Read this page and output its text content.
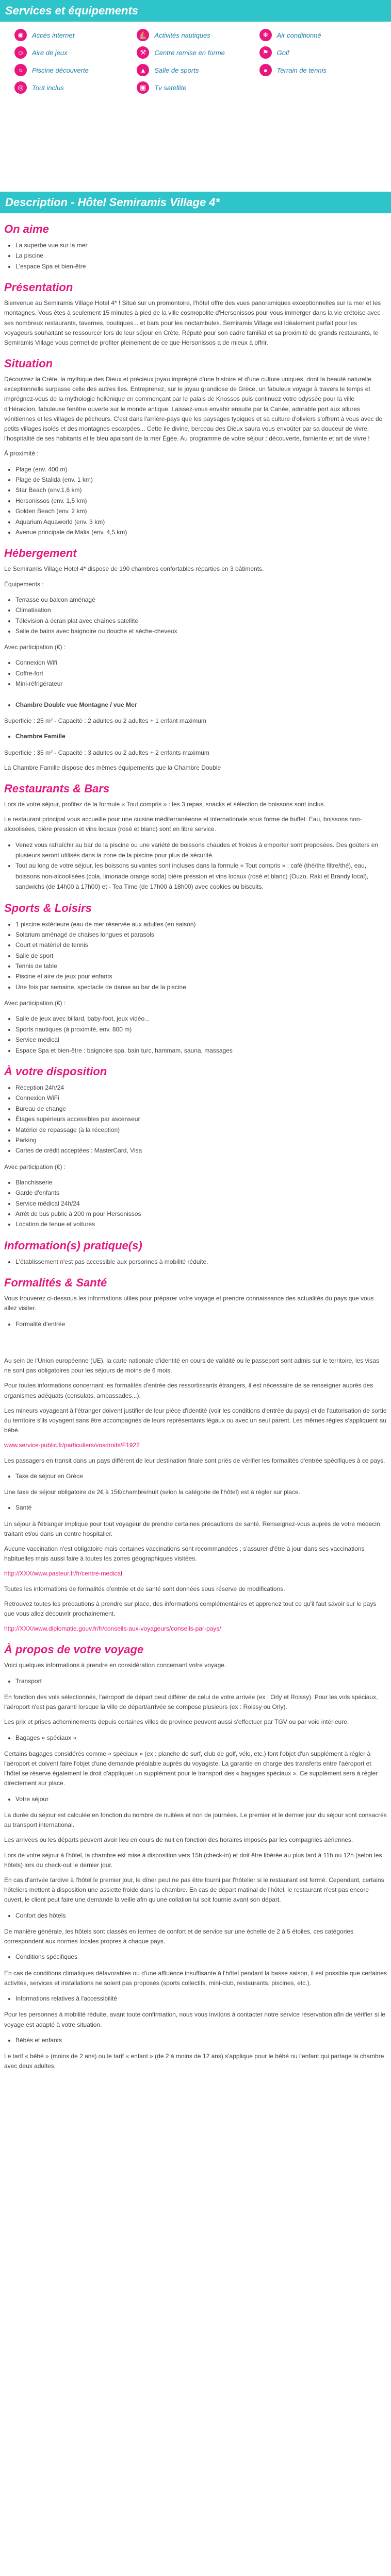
Services et équipements
◉	Accès internet	⛵	Activités nautiques	❄	Air conditionné
☺	Aire de jeux	⚒	Centre remise en forme	⚑	Golf
≈	Piscine découverte	▲	Salle de sports	●	Terrain de tennis
◎	Tout inclus	▣	Tv satellite
Description - Hôtel Semiramis Village 4*
On aime
• La superbe vue sur la mer
• La piscine
• L'espace Spa et bien-être
Présentation

Bienvenue au Semiramis Village Hotel 4* ! Situé sur un promontoire, l'hôtel offre des vues panoramiques exceptionnelles sur la mer et les montagnes. Vous êtes à seulement 15 minutes à pied de la ville cosmopolite d'Hersonissos pour vous immerger dans la vie crétoise avec ses nombreux restaurants, tavernes, boutiques... et bars pour les noctambules. Semiramis Village est idéalement parfait pour les voyageurs souhaitant se ressourcer lors de leur séjour en Crète. Réputé pour son cadre familial et sa proximité de grands restaurants, le Semiramis Village vous permet de profiter pleinement de ce que Hersonissos a de mieux à offrir.

Situation

Découvrez la Crète, la mythique des Dieux et précieux joyau imprégné d'une histoire et d'une culture uniques, dont la beauté naturelle exceptionnelle surpasse celle des autres îles. Entreprenez, sur le joyau grandiose de Grèce, un fabuleux voyage à travers le temps et imprégnez-vous de la mythologie hellénique en commençant par le palais de Knossos puis continuez votre odyssée pour la ville d'Héraklion, fabuleuse fenêtre ouverte sur le monde antique. Laissez-vous envahir ensuite par la Canée, adorable port aux allures vénitiennes et les villages de pêcheurs. C'est dans l'arrière-pays que les paysages typiques et sa culture d'oliviers s'offrent à vous avec de petits villages isolés et des montagnes escarpées... Cette île divine, berceau des Dieux saura vous envoûter par sa douceur de vivre, l'hospitalité de ses habitants et le bleu apaisant de la mer Égée. Au programme de votre séjour : découverte, farniente et art de vivre !

À proximité :

• Plage (env. 400 m)
• Plage de Stalida (env. 1 km)
• Star Beach (env.1,6 km)
• Hersonissos (env. 1,5 km)
• Golden Beach (env. 2 km)
• Aquarium Aquaworld (env. 3 km)
• Avenue principale de Malia (env. 4,5 km)
Hébergement

Le Semiramis Village Hotel 4* dispose de 190 chambres confortables réparties en 3 bâtiments.

Équipements :

• Terrasse ou balcon aménagé
• Climatisation
• Télévision à écran plat avec chaînes satellite
• Salle de bains avec baignoire ou douche et sèche-cheveux

Avec participation (€) :

• Connexion Wifi
• Coffre-fort
• Mini-réfrigérateur
• Chambre Double vue Montagne / vue Mer

Superficie : 25 m² - Capacité : 2 adultes ou 2 adultes + 1 enfant maximum

• Chambre Famille

Superficie : 35 m² - Capacité : 3 adultes ou 2 adultes + 2 enfants maximum

La Chambre Famille dispose des mêmes équipements que la Chambre Double

Restaurants & Bars

Lors de votre séjour, profitez de la formule « Tout compris » : les 3 repas, snacks et sélection de boissons sont inclus.

Le restaurant principal vous accueille pour une cuisine méditerranéenne et internationale sous forme de buffet. Eau, boissons non-alcoolisées, bière pression et vins locaux (rosé et blanc) sont en libre service.

• Venez vous rafraîchir au bar de la piscine ou une variété de boissons chaudes et froides à emporter sont proposées. Des goûters en plusieurs seront utilisés dans la zone de la piscine pour plus de sécurité.
• Tout au long de votre séjour, les boissons suivantes sont incluses dans la formule « Tout compris » : café (thé/the filtre/thé), eau, boissons non-alcoolisées (cola, limonade orange soda) bière pression et vins locaux (rosé et blanc) (Ouzo, Raki et Brandy local), sandwichs (de 14h00 à 17h00) et - Tea Time (de 17h00 à 18h00) avec cookies ou biscuits.
Sports & Loisirs
• 1 piscine extérieure (eau de mer réservée aux adultes (en saison)
• Solarium aménagé de chaises longues et parasols
• Court et matériel de tennis
• Salle de sport
• Tennis de table
• Piscine et aire de jeux pour enfants
• Une fois par semaine, spectacle de danse au bar de la piscine

Avec participation (€) :

• Salle de jeux avec billard, baby-foot, jeux vidéo...
• Sports nautiques (à proximité, env. 800 m)
• Service médical
• Espace Spa et bien-être : baignoire spa, bain turc, hammam, sauna, massages
À votre disposition
• Réception 24h/24
• Connexion WiFi
• Bureau de change
• Étages supérieurs accessibles par ascenseur
• Matériel de repassage (à la réception)
• Parking
• Cartes de crédit acceptées : MasterCard, Visa

Avec participation (€) :

• Blanchisserie
• Garde d'enfants
• Service médical 24h/24
• Arrêt de bus public à 200 m pour Hersonissos
• Location de tenue et voitures
Information(s) pratique(s)
• L'établissement n'est pas accessible aux personnes à mobilité réduite.
Formalités & Santé

Vous trouverez ci-dessous les informations utiles pour préparer votre voyage et prendre connaissance des actualités du pays que vous allez visiter.

• Formalité d'entrée

Au sein de l'Union européenne (UE), la carte nationale d'identité en cours de validité ou le passeport sont admis sur le territoire, les visas ne sont pas obligatoires pour les séjours de moins de 6 mois.

Pour toutes informations concernant les formalités d'entrée des ressortissants étrangers, il est nécessaire de se renseigner auprès des organismes adéquats (consulats, ambassades...).

Les mineurs voyageant à l'étranger doivent justifier de leur pièce d'identité (voir les conditions d'entrée du pays) et de l'autorisation de sortie du territoire s'ils voyagent sans être accompagnés de leurs représentants légaux ou avec un seul parent. Les mêmes règles s'appliquent au bébé.

www.service-public.fr/particuliers/vosdroits/F1922

Les passagers en transit dans un pays différent de leur destination finale sont priés de vérifier les formalités d'entrée spécifiques à ce pays.

• Taxe de séjour en Grèce

Une taxe de séjour obligatoire de 2€ à 15€/chambre/nuit (selon la catégorie de l'hôtel) est à régler sur place.

• Santé

Un séjour à l'étranger implique pour tout voyageur de prendre certaines précautions de santé. Renseignez-vous auprès de votre médecin traitant et/ou dans un centre hospitalier.

Aucune vaccination n'est obligatoire mais certaines vaccinations sont recommandées ; s'assurer d'être à jour dans ses vaccinations habituelles mais aussi faire à toutes les zones géographiques visitées.

http://XXX/www.pasteur.fr/fr/centre-medical

Toutes les informations de formalités d'entrée et de santé sont données sous réserve de modifications.

Retrouvez toutes les précautions à prendre sur place, des informations complémentaires et apprenez tout ce qu'il faut savoir sur le pays que vous allez découvrir prochainement.

http://XXX/www.diplomatie.gouv.fr/fr/conseils-aux-voyageurs/conseils-par-pays/

À propos de votre voyage

Voici quelques informations à prendre en considération concernant votre voyage.

• Transport

En fonction des vols sélectionnés, l'aéroport de départ peut différer de celui de votre arrivée (ex : Orly et Roissy). Pour les vols spéciaux, l'aéroport n'est pas garanti lorsque la ville de départ/arrivée se compose plusieurs (ex : Roissy ou Orly).

Les prix et prises acheminements depuis certaines villes de province peuvent aussi s'effectuer par TGV ou par voie intérieure.

• Bagages « spéciaux »

Certains bagages considérés comme « spéciaux » (ex : planche de surf, club de golf, vélo, etc.) font l'objet d'un supplément à régler à l'aéroport et doivent faire l'objet d'une demande préalable auprès du voyagiste. La garantie en charge des transferts entre l'aéroport et l'hôtel se réserve également le droit d'appliquer un supplément pour le transport des « bagages spéciaux ». Ce supplément sera à régler directement sur place.

• Votre séjour

La durée du séjour est calculée en fonction du nombre de nuitées et non de journées. Le premier et le dernier jour du séjour sont consacrés au transport international.

Les arrivées ou les départs peuvent avoir lieu en cours de nuit en fonction des horaires imposés par les compagnies aériennes.

Lors de votre séjour à l'hôtel, la chambre est mise à disposition vers 15h (check-in) et doit être libérée au plus tard à 11h ou 12h (selon les hôtels) lors du check-out le dernier jour.

En cas d'arrivée tardive à l'hôtel le premier jour, le dîner peut ne pas être fourni par l'hôtelier si le restaurant est fermé. Cependant, certains hôteliers mettent à disposition une assiette froide dans la chambre. En cas de départ matinal de l'hôtel, le restaurant n'est pas encore ouvert, le client peut faire une demande la veille afin qu'une collation lui soit fournie avant son départ.

• Confort des hôtels

De manière générale, les hôtels sont classés en termes de confort et de service sur une échelle de 2 à 5 étoiles, ces catégories correspondent aux normes locales propres à chaque pays.

• Conditions spécifiques

En cas de conditions climatiques défavorables ou d'une affluence insuffisante à l'hôtel pendant la basse saison, il est possible que certaines activités, services et installations ne soient pas proposés (sports collectifs, mini-club, restaurants, piscines, etc.).

• Informations relatives à l'accessibilité

Pour les personnes à mobilité réduite, avant toute confirmation, nous vous invitons à contacter notre service réservation afin de vérifier si le voyage est adapté à votre situation.

• Bébés et enfants

Le tarif « bébé » (moins de 2 ans) ou le tarif « enfant » (de 2 à moins de 12 ans) s'applique pour le bébé ou l'enfant qui partage la chambre avec deux adultes.
